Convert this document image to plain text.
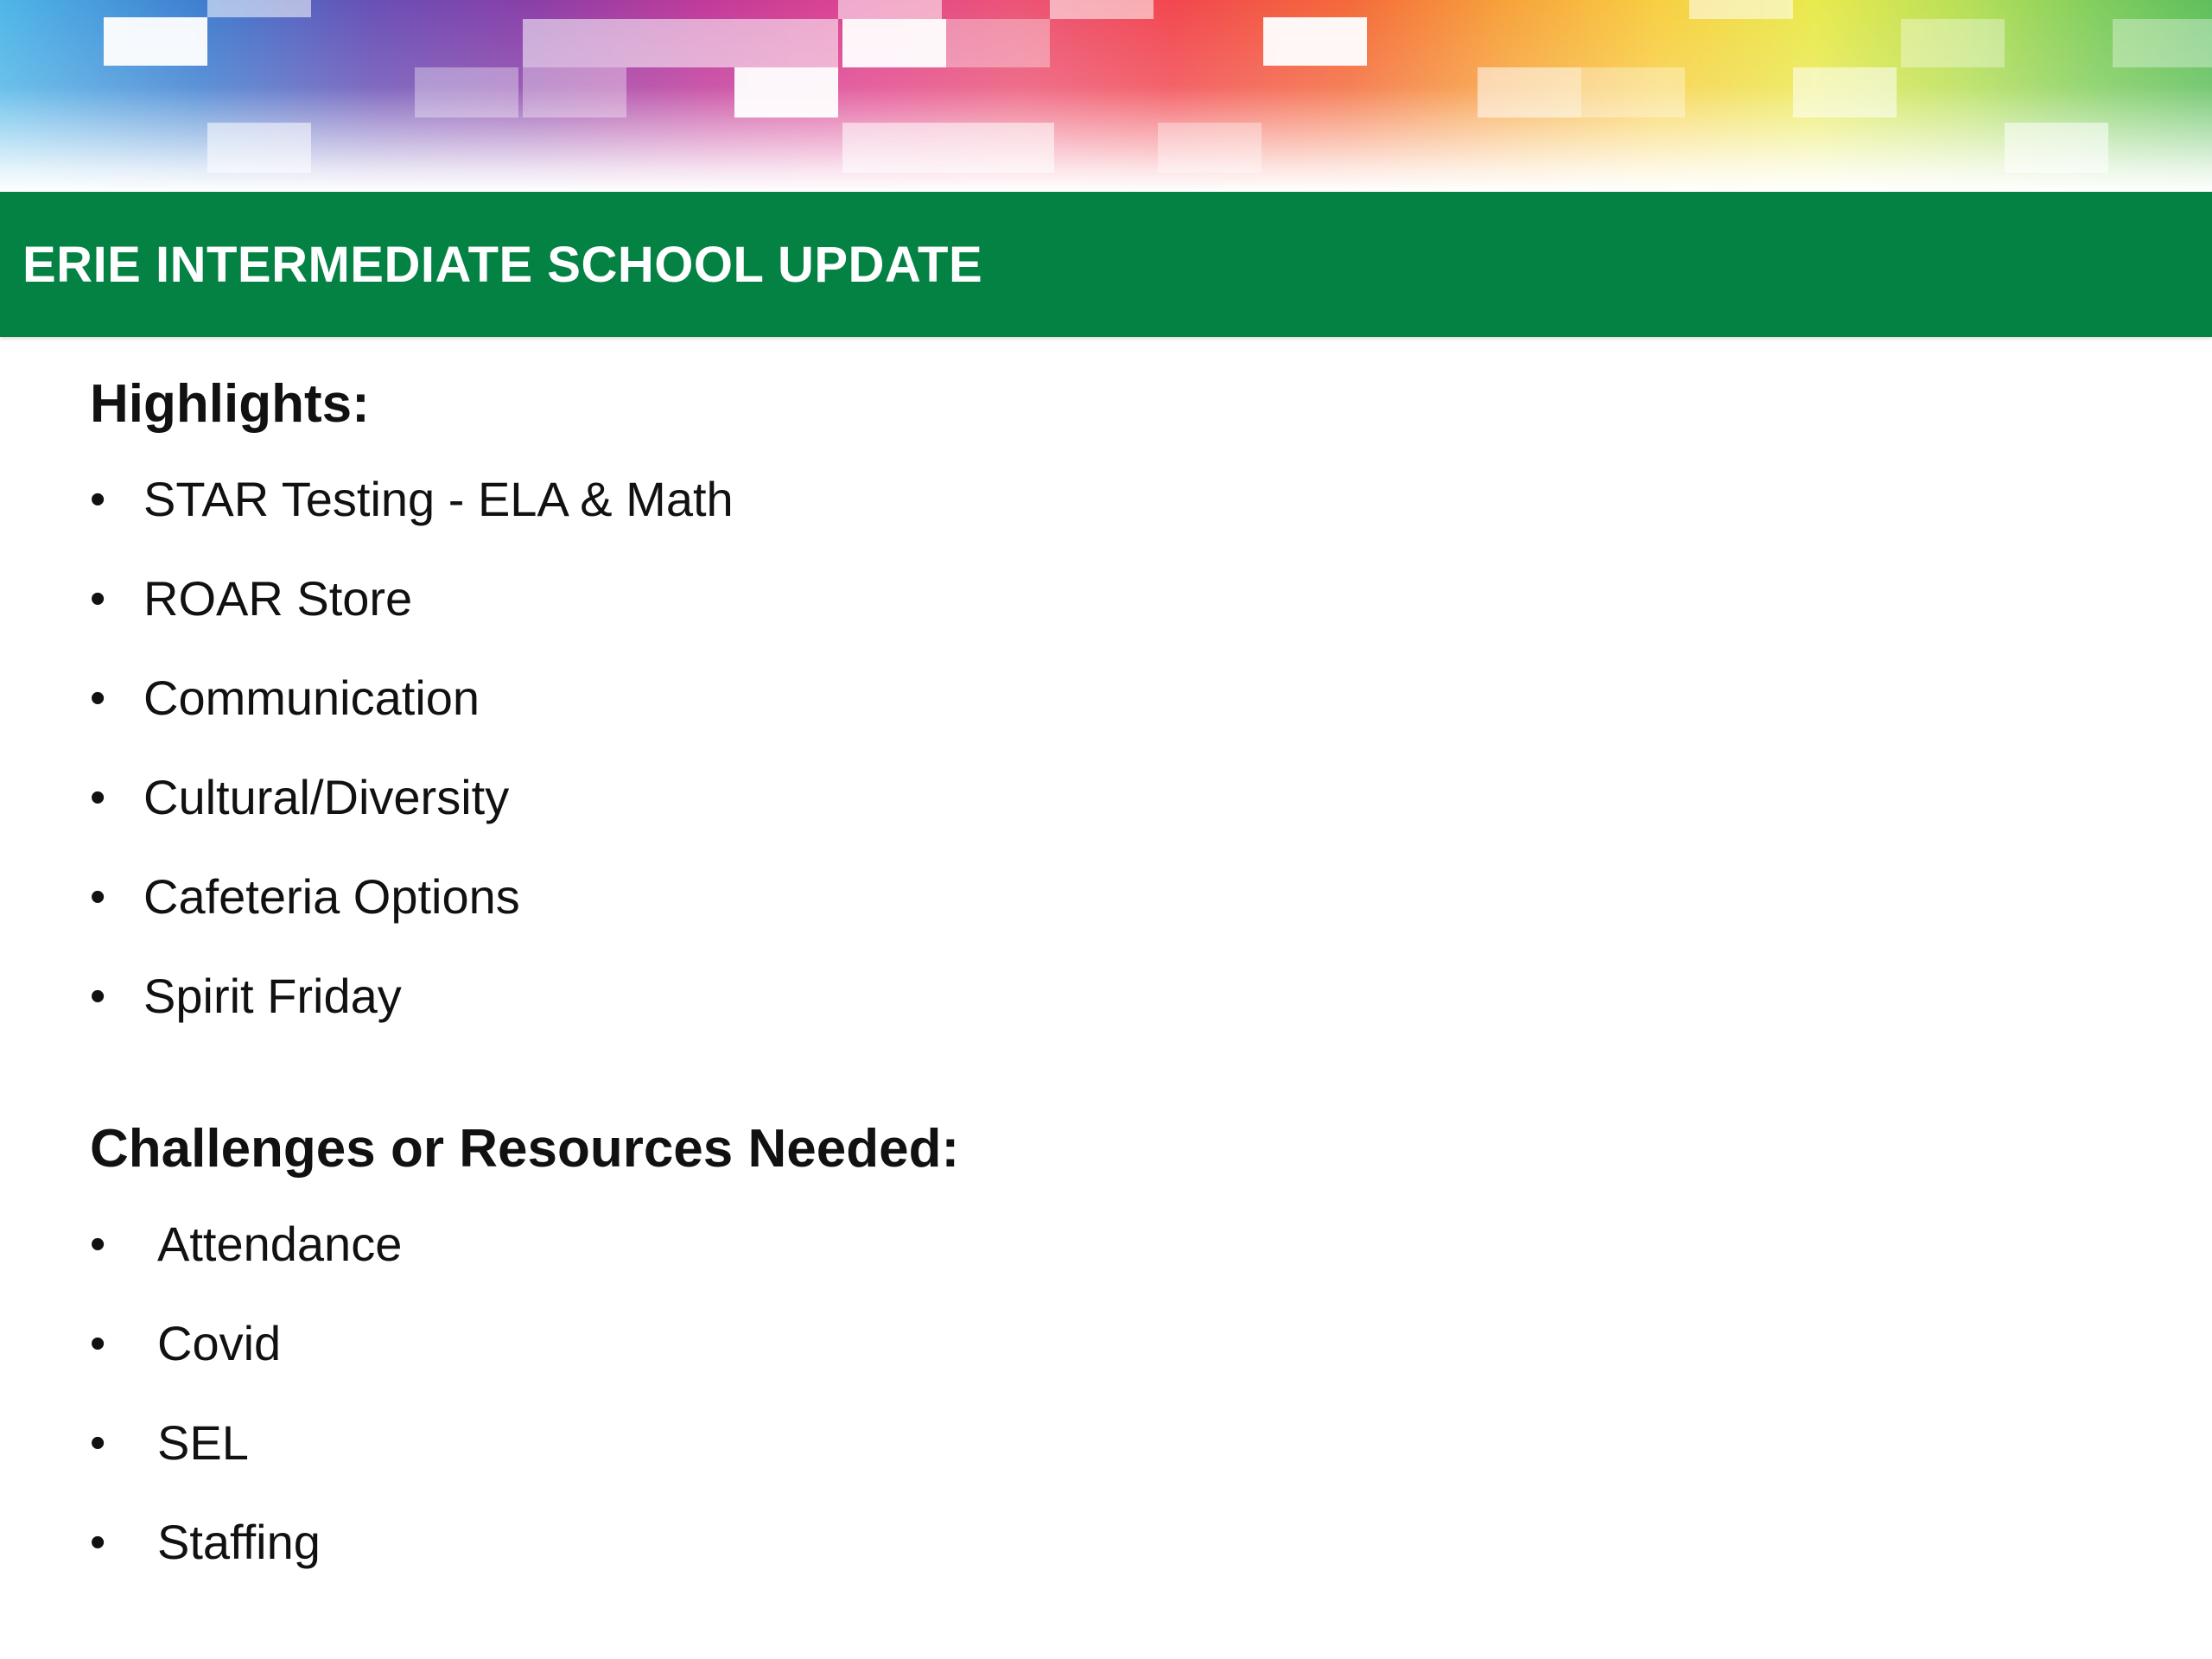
ERIE INTERMEDIATE SCHOOL UPDATE
Highlights:
• STAR Testing - ELA & Math
• ROAR Store
• Communication
• Cultural/Diversity
• Cafeteria Options
• Spirit Friday
Challenges or Resources Needed:
• Attendance
• Covid
• SEL
• Staffing
